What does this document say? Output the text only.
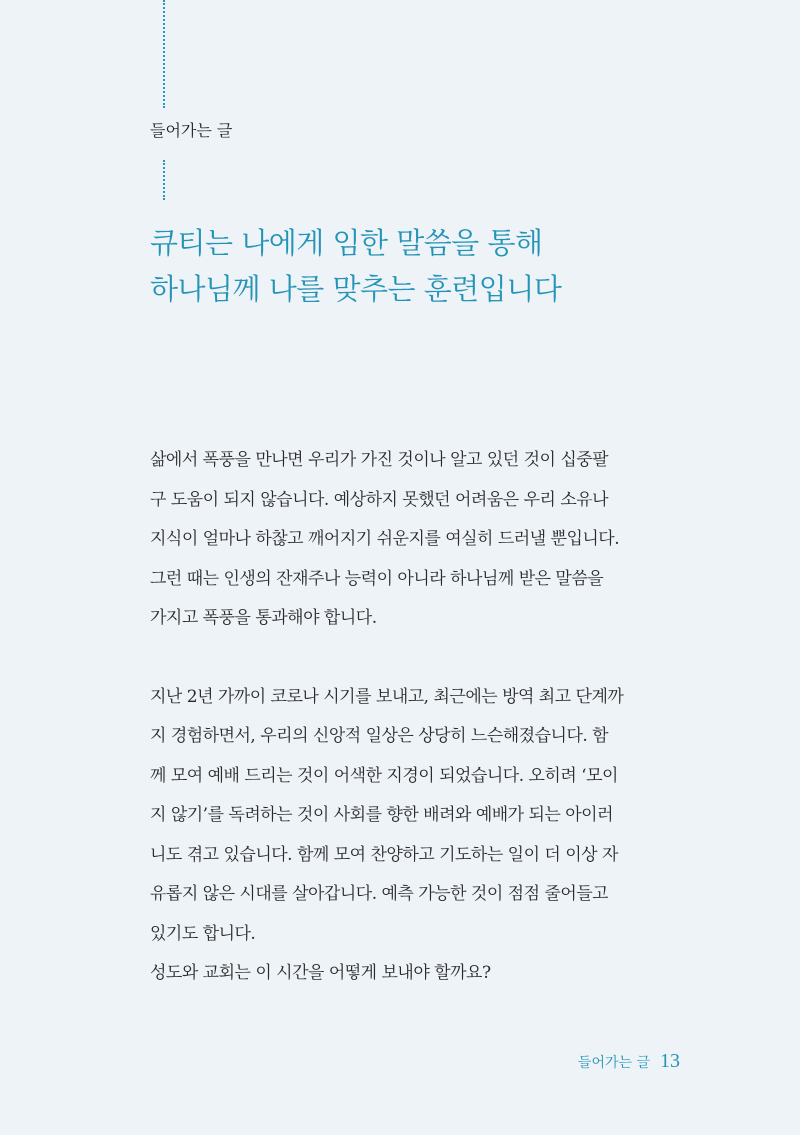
들어가는 글

큐티는 나에게 임한 말씀을 통해
하나님께 나를 맞추는 훈련입니다

삶에서 폭풍을 만나면 우리가 가진 것이나 알고 있던 것이 십중팔
구 도움이 되지 않습니다. 예상하지 못했던 어려움은 우리 소유나
지식이 얼마나 하찮고 깨어지기 쉬운지를 여실히 드러낼 뿐입니다.
그런 때는 인생의 잔재주나 능력이 아니라 하나님께 받은 말씀을
가지고 폭풍을 통과해야 합니다.

지난 2년 가까이 코로나 시기를 보내고, 최근에는 방역 최고 단계까
지 경험하면서, 우리의 신앙적 일상은 상당히 느슨해졌습니다. 함
께 모여 예배 드리는 것이 어색한 지경이 되었습니다. 오히려 ‘모이
지 않기’를 독려하는 것이 사회를 향한 배려와 예배가 되는 아이러
니도 겪고 있습니다. 함께 모여 찬양하고 기도하는 일이 더 이상 자
유롭지 않은 시대를 살아갑니다. 예측 가능한 것이 점점 줄어들고
있기도 합니다.

성도와 교회는 이 시간을 어떻게 보내야 할까요?

들어가는 글 13
